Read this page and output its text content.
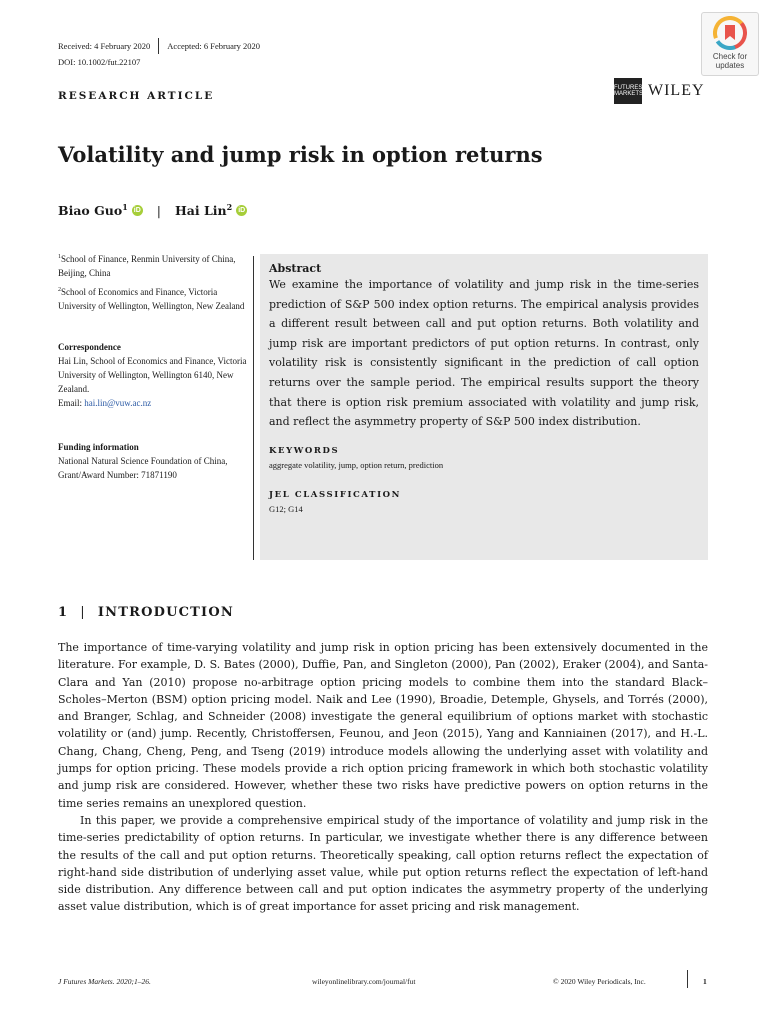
Received: 4 February 2020 Accepted: 6 February 2020
DOI: 10.1002/fut.22107
RESEARCH ARTICLE
Check for
updates
FUTURES
MARKETS WILEY
Volatility and jump risk in option returns
Biao Guo$^1$ iD | Hai Lin$^2$ iD
$^1$School of Finance, Renmin University of China, Beijing, China
$^2$School of Economics and Finance, Victoria University of Wellington, Wellington, New Zealand
Correspondence
Hai Lin, School of Economics and Finance, Victoria University of Wellington, Wellington 6140, New Zealand.
Email: hai.lin@vuw.ac.nz
Funding information
National Natural Science Foundation of China, Grant/Award Number: 71871190
Abstract
We examine the importance of volatility and jump risk in the time-series prediction of S&P 500 index option returns. The empirical analysis provides a different result between call and put option returns. Both volatility and jump risk are important predictors of put option returns. In contrast, only volatility risk is consistently significant in the prediction of call option returns over the sample period. The empirical results support the theory that there is option risk premium associated with volatility and jump risk, and reflect the asymmetry property of S&P 500 index distribution.
KEYWORDS
aggregate volatility, jump, option return, prediction
JEL CLASSIFICATION
G12; G14
1 | INTRODUCTION

The importance of time-varying volatility and jump risk in option pricing has been extensively documented in the literature. For example, D. S. Bates (2000), Duffie, Pan, and Singleton (2000), Pan (2002), Eraker (2004), and Santa-Clara and Yan (2010) propose no-arbitrage option pricing models to combine them into the standard Black–Scholes–Merton (BSM) option pricing model. Naik and Lee (1990), Broadie, Detemple, Ghysels, and Torrés (2000), and Branger, Schlag, and Schneider (2008) investigate the general equilibrium of options market with stochastic volatility or (and) jump. Recently, Christoffersen, Feunou, and Jeon (2015), Yang and Kanniainen (2017), and H.-L. Chang, Chang, Cheng, Peng, and Tseng (2019) introduce models allowing the underlying asset with volatility and jumps for option pricing. These models provide a rich option pricing framework in which both stochastic volatility and jump risk are considered. However, whether these two risks have predictive powers on option returns in the time series remains an unexplored question.

In this paper, we provide a comprehensive empirical study of the importance of volatility and jump risk in the time-series predictability of option returns. In particular, we investigate whether there is any difference between the results of the call and put option returns. Theoretically speaking, call option returns reflect the expectation of right-hand side distribution of underlying asset value, while put option returns reflect the expectation of left-hand side distribution. Any difference between call and put option indicates the asymmetry property of the underlying asset value distribution, which is of great importance for asset pricing and risk management.

J Futures Markets. 2020;1–26.	wileyonlinelibrary.com/journal/fut	© 2020 Wiley Periodicals, Inc.	1
